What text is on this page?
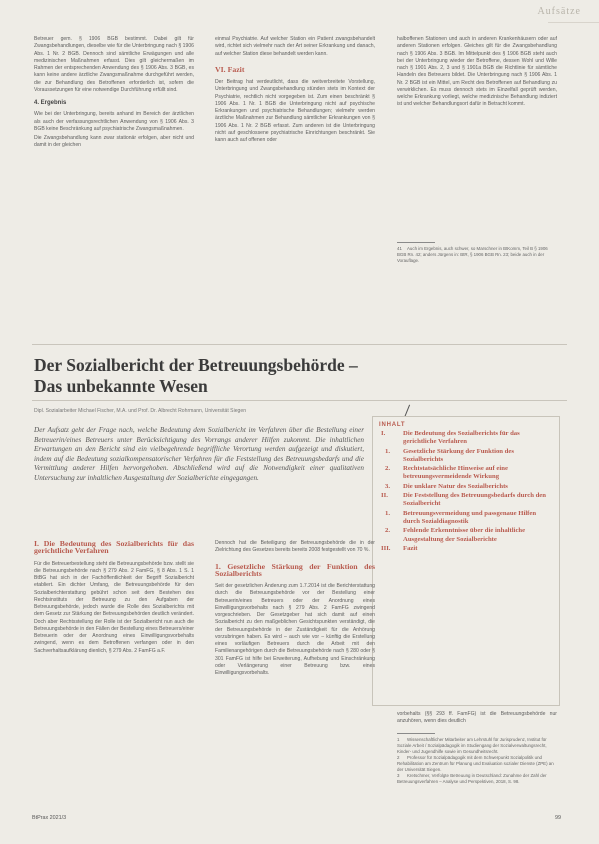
Aufsätze

Betreuer gem. § 1906 BGB bestimmt. Dabei gilt für Zwangsbehandlungen, dieselbe wie für die Unterbringung nach § 1906 Abs. 1 Nr. 2 BGB. Dennoch sind sämtliche Erwägungen und alle medizinischen Maßnahmen erfasst. Dies gilt gleichermaßen im Rahmen der entsprechenden Anwendung des § 1906 Abs. 3 BGB, es kann keine andere ärztliche Zwangsmaßnahme durchgeführt werden, die zur Behandlung des Betroffenen erforderlich ist, sofern die Voraussetzungen für eine notwendige Durchführung erfüllt sind.

4. Ergebnis

Wie bei der Unterbringung, bereits anhand im Bereich der ärztlichen als auch der verfassungsrechtlichen Anwendung von § 1906 Abs. 3 BGB keine Beschränkung auf psychiatrische Zwangsmaßnahmen.

Die Zwangsbehandlung kann zwar stationär erfolgen, aber nicht und damit in der gleichen

einmal Psychiatrie. Auf welcher Station ein Patient zwangsbehandelt wird, richtet sich vielmehr nach der Art seiner Erkrankung und danach, auf welcher Station diese behandelt werden kann.

VI. Fazit

Der Beitrag hat verdeutlicht, dass die weitverbreitete Vorstellung, Unterbringung und Zwangsbehandlung stünden stets im Kontext der Psychiatrie, rechtlich nicht vorgegeben ist. Zum einen beschränkt § 1906 Abs. 1 Nr. 1 BGB die Unterbringung nicht auf psychische Erkrankungen und psychiatrische Behandlungen; vielmehr werden ärztliche Maßnahmen zur Behandlung sämtlicher Erkrankungen von § 1906 Abs. 1 Nr. 2 BGB erfasst. Zum anderen ist die Unterbringung nicht auf geschlossene psychiatrische Einrichtungen beschränkt. Sie kann auch auf offenen oder

halboffenen Stationen und auch in anderen Krankenhäusern oder auf anderen Stationen erfolgen. Gleiches gilt für die Zwangsbehandlung nach § 1906 Abs. 3 BGB. Im Mittelpunkt des § 1906 BGB steht auch bei der Unterbringung wieder der Betroffene, dessen Wohl und Wille nach § 1901 Abs. 2, 3 und § 1901a BGB die Richtlinie für sämtliche Handeln des Betreuers bildet. Die Unterbringung nach § 1906 Abs. 1 Nr. 2 BGB ist ein Mittel, um Recht des Betroffenen auf Behandlung zu verwirklichen. Es muss dennoch stets im Einzelfall geprüft werden, welche Erkrankung vorliegt, welche medizinische Behandlung indiziert ist und welcher Behandlungsort dafür in Betracht kommt.

41 Auch im Ergebnis, auch schwer, so Marschner in BtKomm, Teil B § 1906 BGB Rn. 42; anders Jürgens in: BtR, § 1906 BGB Rn. 23; beide auch in der Vorauflage.
Der Sozialbericht der Betreuungsbehörde –
Das unbekannte Wesen
Dipl. Sozialarbeiter Michael Fischer, M.A. und Prof. Dr. Albrecht Rohrmann, Universität Siegen
Der Aufsatz geht der Frage nach, welche Bedeutung dem Sozialbericht im Verfahren über die Bestellung einer Betreuerin/eines Betreuers unter Berücksichtigung des Vorrangs anderer Hilfen zukommt. Die inhaltlichen Erwartungen an den Bericht sind ein vielbegehrende begriffliche Verortung werden aufgezeigt und diskutiert, indem auf die Bedeutung sozialkompensatorischer Verfahren für die Feststellung des Betreuungsbedarfs und die Vermittlung anderer Hilfen hervorgehoben. Abschließend wird auf die Notwendigkeit einer qualitativen Untersuchung zur inhaltlichen Ausgestaltung der Sozialberichte eingegangen.
INHALT
I.	Die Bedeutung des Sozialberichts für das gerichtliche Verfahren
1. Gesetzliche Stärkung der Funktion des Sozialberichts
2. Rechtstatsächliche Hinweise auf eine betreuungsvermeidende Wirkung
3. Die unklare Natur des Sozialberichts
II. Die Feststellung des Betreuungsbedarfs durch den Sozialbericht
1. Betreuungsvermeidung und passgenaue Hilfen durch Sozialdiagnostik
2. Fehlende Erkenntnisse über die inhaltliche Ausgestaltung der Sozialberichte
III. Fazit
I. Die Bedeutung des Sozialberichts für das gerichtliche Verfahren

Für die Betreuerbestellung steht die Betreuungsbehörde bzw. stellt sie die Betreuungsbehörde nach § 279 Abs. 2 FamFG, § 8 Abs. 1 S. 1 BtBG hat sich in der Fachöffentlichkeit der Begriff Sozialbericht etabliert. Ein dichter Umfang, die Betreuungsbehörde für den Sozialberichterstattung gebührt schon seit dem Bestehen des Rechtsinstituts der Betreuung zu den Aufgaben der Betreuungsbehörde, jedoch wurde die Rolle des Sozialberichts mit dem Gesetz zur Stärkung der Betreuungsbehörden deutlich verändert. Doch aber Rechtsstellung der Rolle ist der Sozialbericht nun auch die Betreuungsbehörde in den Fällen der Bestellung eines Betreuers/einer Betreuerin oder der Anordnung eines Einwilligungsvorbehalts zwingend, wenn es dem Betroffenen verfangen oder in den Sachverhaltsaufklärung dienlich, § 279 Abs. 2 FamFG a.F.

Dennoch hat die Beteiligung der Betreuungsbehörde die in der Zielrichtung des Gesetzes bereits bereits 2008 festgestellt von 70 %.

1. Gesetzliche Stärkung der Funktion des Sozialberichts

Seit der gesetzlichen Änderung zum 1.7.2014 ist die Berichterstattung durch die Betreuungsbehörde vor der Bestellung einer Betreuerin/eines Betreuers oder der Anordnung eines Einwilligungsvorbehalts nach § 279 Abs. 2 FamFG zwingend vorgeschrieben. Der Gesetzgeber hat sich damit auf einen Sozialbericht zu den maßgeblichen Gesichtspunkten verständigt, die der Betreuungsbehörde in der Zuständigkeit für die Anhörung vorzubringen haben. Es wird – auch wie vor – künftig die Erstellung eines vorläufigen Betreuers durch die Arbeit mit den Familienangehörigen durch die Betreuungsbehörde nach § 280 oder § 301 FamFG ist hilfe bei Erweiterung, Aufhebung und Einschränkung oder Verlängerung einer Betreuung bzw. eines Einwilligungsvorbehalts.

vorbehalts (§§ 293 ff. FamFG) ist die Betreuungsbehörde nur anzuhören, wenn dies deutlich

1 Wissenschaftlicher Mitarbeiter am Lehrstuhl für Jurisprudenz, Institut für Soziale Arbeit / Sozialpädagogik im Studiengang der Sozialverwaltungsrecht, Kinder- und Jugendhilfe sowie im Gesundheitsrecht.
2 Professor für Sozialpädagogik mit dem Schwerpunkt Sozialpolitik und Rehabilitation am Zentrum für Planung und Evaluation sozialer Dienste (ZPE) an der Universität Siegen.
3 Kretschmer, Verfolgte Betreuung in Deutschland: Zunahme der Zahl der Betreuungsverfahren – Analyse und Perspektiven, 2018, S. 98.
BtPrax 2021/3	99
